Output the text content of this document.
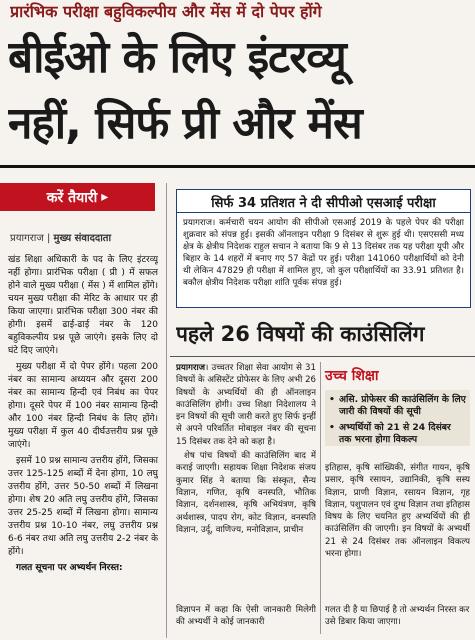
प्रारंभिक परीक्षा बहुविकल्पीय और मेंस में दो पेपर होंगे
बीईओ के लिए इंटरव्यू
नहीं, सिर्फ प्री और मेंस
करें तैयारी ▸
प्रयागराज | मुख्य संवाददाता

खंड शिक्षा अधिकारी के पद के लिए इंटरव्यू नहीं होगा। प्रारंभिक परीक्षा ( प्री ) में सफल होने वाले मुख्य परीक्षा ( मेंस ) में शामिल होंगे। चयन मुख्य परीक्षा की मेरिट के आधार पर ही किया जाएगा। प्रारंभिक परीक्षा 300 नंबर की होगी। इसमें ढाई-ढाई नंबर के 120 बहुविकल्पीय प्रश्न पूछे जाएंगे। इसके लिए दो घंटे दिए जाएंगे।

मुख्य परीक्षा में दो पेपर होंगे। पहला 200 नंबर का सामान्य अध्ययन और दूसरा 200 नंबर का सामान्य हिन्दी एवं निबंध का पेपर होगा। दूसरे पेपर में 100 नंबर सामान्य हिन्दी और 100 नंबर हिन्दी निबंध के लिए होंगे। मुख्य परीक्षा में कुल 40 दीर्घउत्तरीय प्रश्न पूछे जाएंगे।

इसमें 10 प्रश्न सामान्य उत्तरीय होंगे, जिसका उत्तर 125-125 शब्दों में देना होगा, 10 लघु उत्तरीय होंगे, उत्तर 50-50 शब्दों में लिखना होगा। शेष 20 अति लघु उत्तरीय होंगे, जिसका उत्तर 25-25 शब्दों में लिखना होगा। सामान्य उत्तरीय प्रश्न 10-10 नंबर, लघु उत्तरीय प्रश्न 6-6 नंबर तथा अति लघु उत्तरीय 2-2 नंबर के होंगे।

गलत सूचना पर अभ्यर्थन निरस्त:

सिर्फ 34 प्रतिशत ने दी सीपीओ एसआई परीक्षा
प्रयागराज। कर्मचारी चयन आयोग की सीपीओ एसआई 2019 के पहले पेपर की परीक्षा शुक्रवार को संपन्न हुई। इसकी ऑनलाइन परीक्षा 9 दिसंबर से शुरू हुई थी। एसएससी मध्य क्षेत्र के क्षेत्रीय निदेशक राहुल सचान ने बताया कि 9 से 13 दिसंबर तक यह परीक्षा यूपी और बिहार के 14 शहरों में बनाए गए 57 केंद्रों पर हुई। परीक्षा 141060 परीक्षार्थियों को देनी थी लेकिन 47829 ही परीक्षा में शामिल हुए, जो कुल परीक्षार्थियों का 33.91 प्रतिशत है। बकौल क्षेत्रीय निदेशक परीक्षा शांति पूर्वक संपन्न हुई।
पहले 26 विषयों की काउंसिलिंग

प्रयागराज। उच्चतर शिक्षा सेवा आयोग से 31 विषयों के असिस्टेंट प्रोफेसर के लिए अभी 26 विषयों के अभ्यर्थियों की ही ऑनलाइन काउंसिलिंग होगी। उच्च शिक्षा निदेशालय ने इन विषयों की सूची जारी करते हुए सिर्फ इन्हीं से अपने परिवर्तित मोबाइल नंबर की सूचना 15 दिसंबर तक देने को कहा है।

शेष पांच विषयों की काउंसिलिंग बाद में कराई जाएगी। सहायक शिक्षा निदेशक संजय कुमार सिंह ने बताया कि संस्कृत, सैन्य विज्ञान, गणित, कृषि वनस्पति, भौतिक विज्ञान, दर्शनशास्त्र, कृषि अभियंत्रण, कृषि अर्थशास्त्र, पादप रोग, कोट विज्ञान, वनस्पति विज्ञान, उर्दू, वाणिज्य, मनोविज्ञान, प्राचीन

विज्ञापन में कहा कि ऐसी जानकारी मिलेगी की अभ्यर्थी ने कोई जानकारी
उच्च शिक्षा
• असि. प्रोफेसर की काउंसिलिंग के लिए जारी की विषयों की सूची
• अभ्यर्थियों को 21 से 24 दिसंबर तक भरना होगा विकल्प
इतिहास, कृषि सांख्यिकी, संगीत गायन, कृषि प्रसार, कृषि रसायन, उद्यानिकी, कृषि सस्य विज्ञान, प्राणी विज्ञान, रसायन विज्ञान, गृह विज्ञान, पशुपालन एवं दुग्ध विज्ञान तथा इतिहास विषय के लिए चयनित हुए अभ्यर्थियों की ही काउंसिलिंग की जाएगी। इन विषयों के अभ्यर्थी 21 से 24 दिसंबर तक ऑनलाइन विकल्प भरना होगा।
गलत दी है या छिपाई है तो अभ्यर्थन निरस्त कर उसे डिबार किया जाएगा।
